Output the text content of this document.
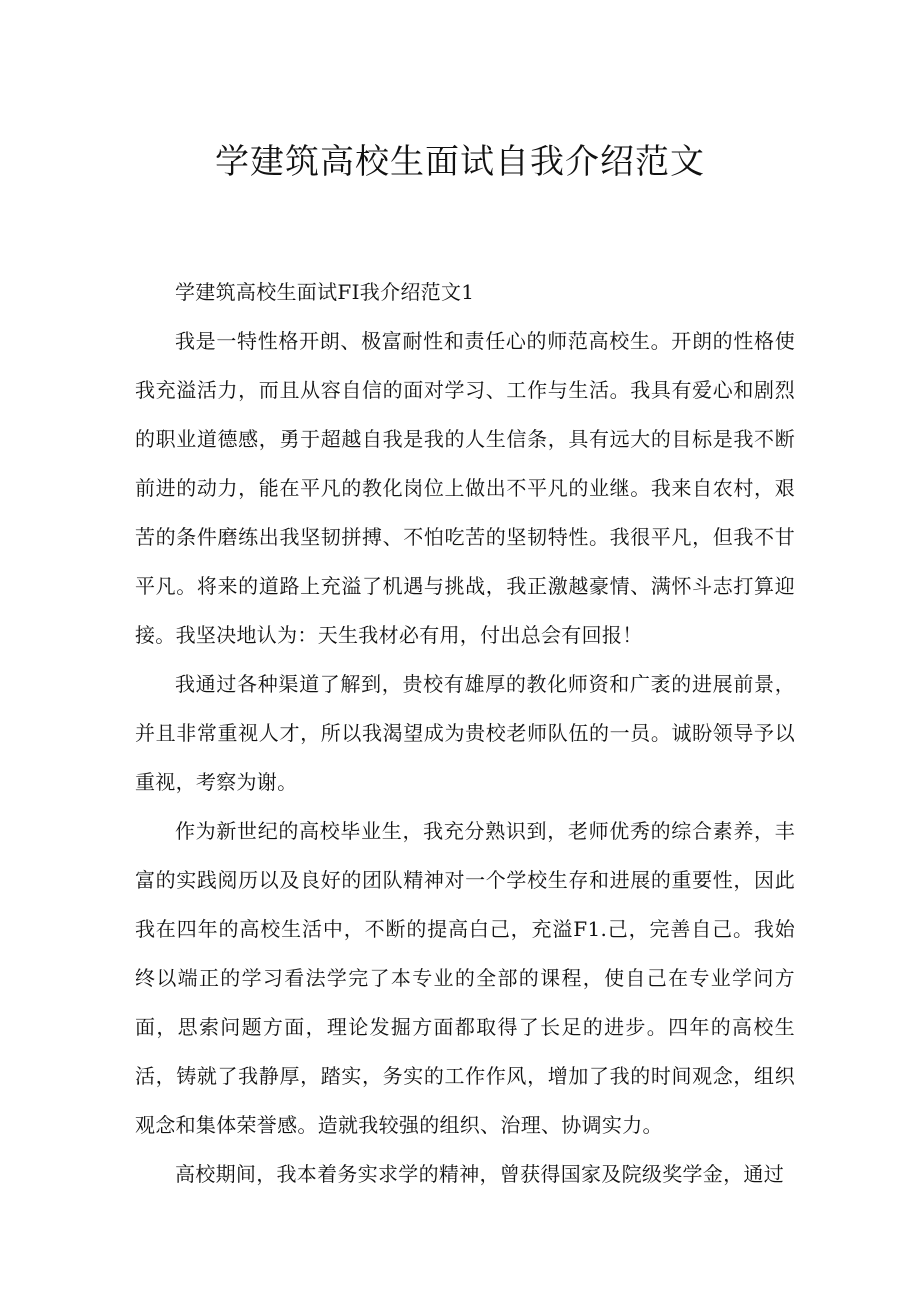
学建筑高校生面试自我介绍范文

学建筑高校生面试FI我介绍范文1

我是一特性格开朗、极富耐性和责任心的师范高校生。开朗的性格使我充溢活力，而且从容自信的面对学习、工作与生活。我具有爱心和剧烈的职业道德感，勇于超越自我是我的人生信条，具有远大的目标是我不断前进的动力，能在平凡的教化岗位上做出不平凡的业继。我来自农村，艰苦的条件磨练出我坚韧拼搏、不怕吃苦的坚韧特性。我很平凡，但我不甘平凡。将来的道路上充溢了机遇与挑战，我正激越豪情、满怀斗志打算迎接。我坚决地认为：天生我材必有用，付出总会有回报！

我通过各种渠道了解到，贵校有雄厚的教化师资和广袤的进展前景，并且非常重视人才，所以我渴望成为贵校老师队伍的一员。诚盼领导予以重视，考察为谢。

作为新世纪的高校毕业生，我充分熟识到，老师优秀的综合素养，丰富的实践阅历以及良好的团队精神对一个学校生存和进展的重要性，因此我在四年的高校生活中，不断的提高白己，充溢F1.己，完善自己。我始终以端正的学习看法学完了本专业的全部的课程，使自己在专业学问方面，思索问题方面，理论发掘方面都取得了长足的进步。四年的高校生活，铸就了我静厚，踏实，务实的工作作风，增加了我的时间观念，组织观念和集体荣誉感。造就我较强的组织、治理、协调实力。

高校期间，我本着务实求学的精神，曾获得国家及院级奖学金，通过
